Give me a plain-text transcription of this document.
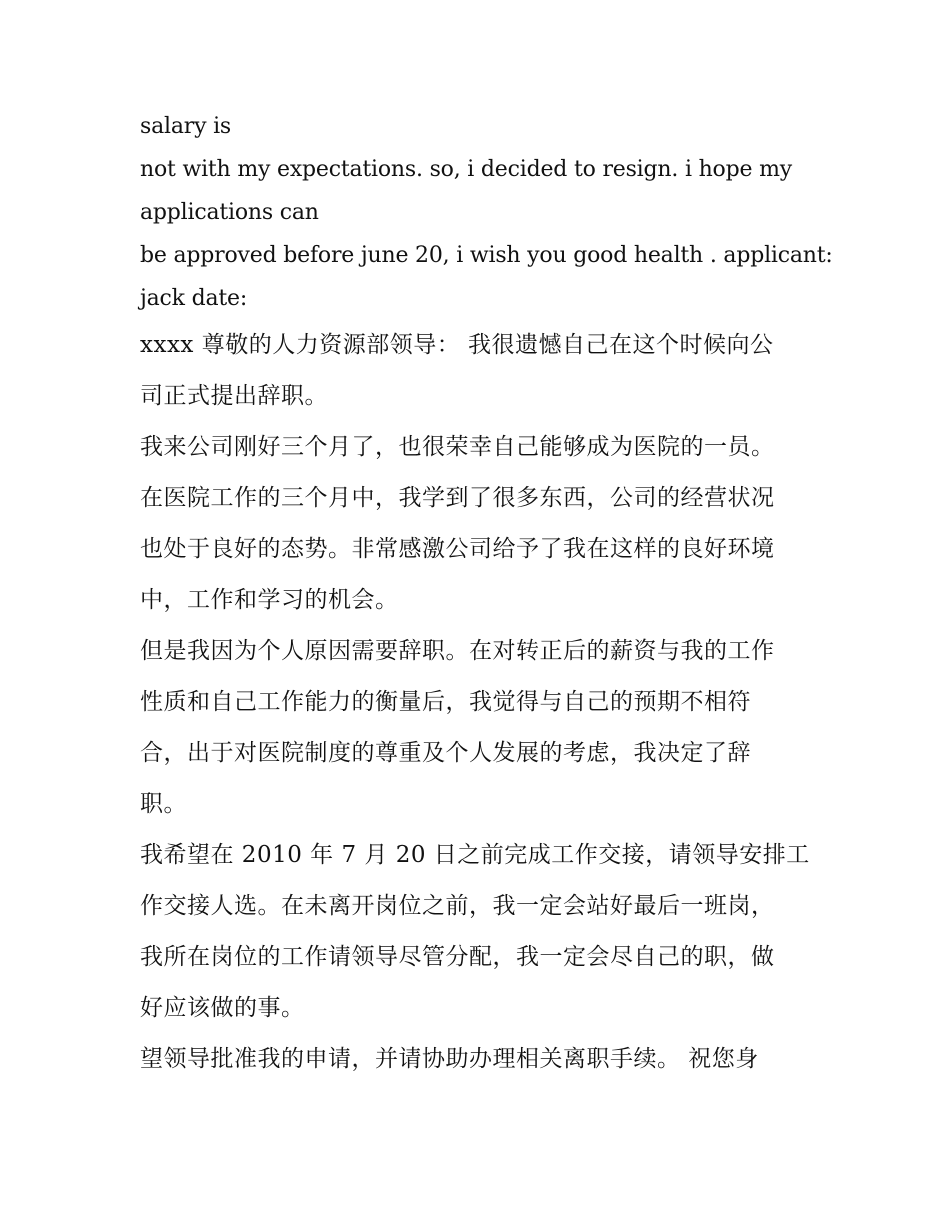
salary is
not with my expectations. so, i decided to resign. i hope my
applications can
be approved before june 20, i wish you good health . applicant:
jack date:
xxxx 尊敬的人力资源部领导： 我很遗憾自己在这个时候向公
司正式提出辞职。
我来公司刚好三个月了，也很荣幸自己能够成为医院的一员。
在医院工作的三个月中，我学到了很多东西，公司的经营状况
也处于良好的态势。非常感激公司给予了我在这样的良好环境
中，工作和学习的机会。
但是我因为个人原因需要辞职。在对转正后的薪资与我的工作
性质和自己工作能力的衡量后，我觉得与自己的预期不相符
合，出于对医院制度的尊重及个人发展的考虑，我决定了辞
职。
我希望在 2010 年 7 月 20 日之前完成工作交接，请领导安排工
作交接人选。在未离开岗位之前，我一定会站好最后一班岗，
我所在岗位的工作请领导尽管分配，我一定会尽自己的职，做
好应该做的事。
望领导批准我的申请，并请协助办理相关离职手续。 祝您身
